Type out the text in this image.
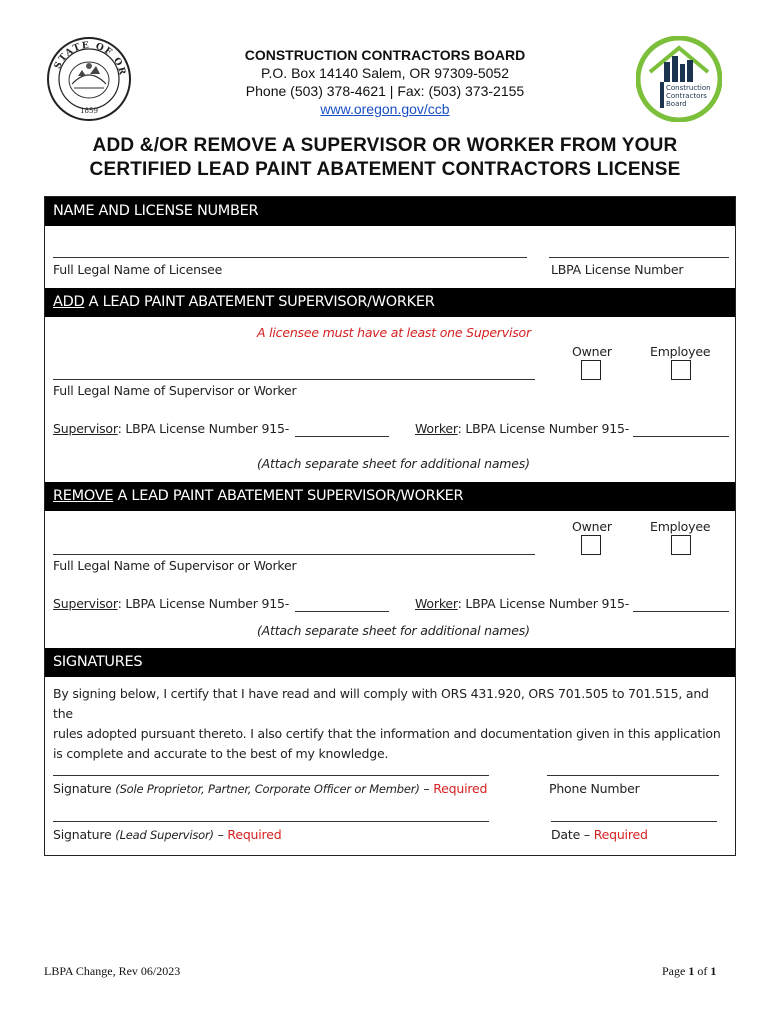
STATE OF OR
1859
Construction
Contractors
Board
CONSTRUCTION CONTRACTORS BOARD
P.O. Box 14140 Salem, OR 97309-5052
Phone (503) 378-4621 | Fax: (503) 373-2155
www.oregon.gov/ccb
ADD &/OR REMOVE A SUPERVISOR OR WORKER FROM YOUR
CERTIFIED LEAD PAINT ABATEMENT CONTRACTORS LICENSE
NAME AND LICENSE NUMBER
Full Legal Name of Licensee	LBPA License Number
ADD A LEAD PAINT ABATEMENT SUPERVISOR/WORKER
A licensee must have at least one Supervisor
Owner	Employee
Full Legal Name of Supervisor or Worker
Supervisor: LBPA License Number 915-	Worker: LBPA License Number 915-
(Attach separate sheet for additional names)
REMOVE A LEAD PAINT ABATEMENT SUPERVISOR/WORKER
Owner	Employee
Full Legal Name of Supervisor or Worker
Supervisor: LBPA License Number 915-	Worker: LBPA License Number 915-
(Attach separate sheet for additional names)
SIGNATURES
By signing below, I certify that I have read and will comply with ORS 431.920, ORS 701.505 to 701.515, and the
rules adopted pursuant thereto. I also certify that the information and documentation given in this application
is complete and accurate to the best of my knowledge.
Signature (Sole Proprietor, Partner, Corporate Officer or Member) – Required	Phone Number
Signature (Lead Supervisor) – Required	Date – Required
LBPA Change, Rev 06/2023	Page 1 of 1
